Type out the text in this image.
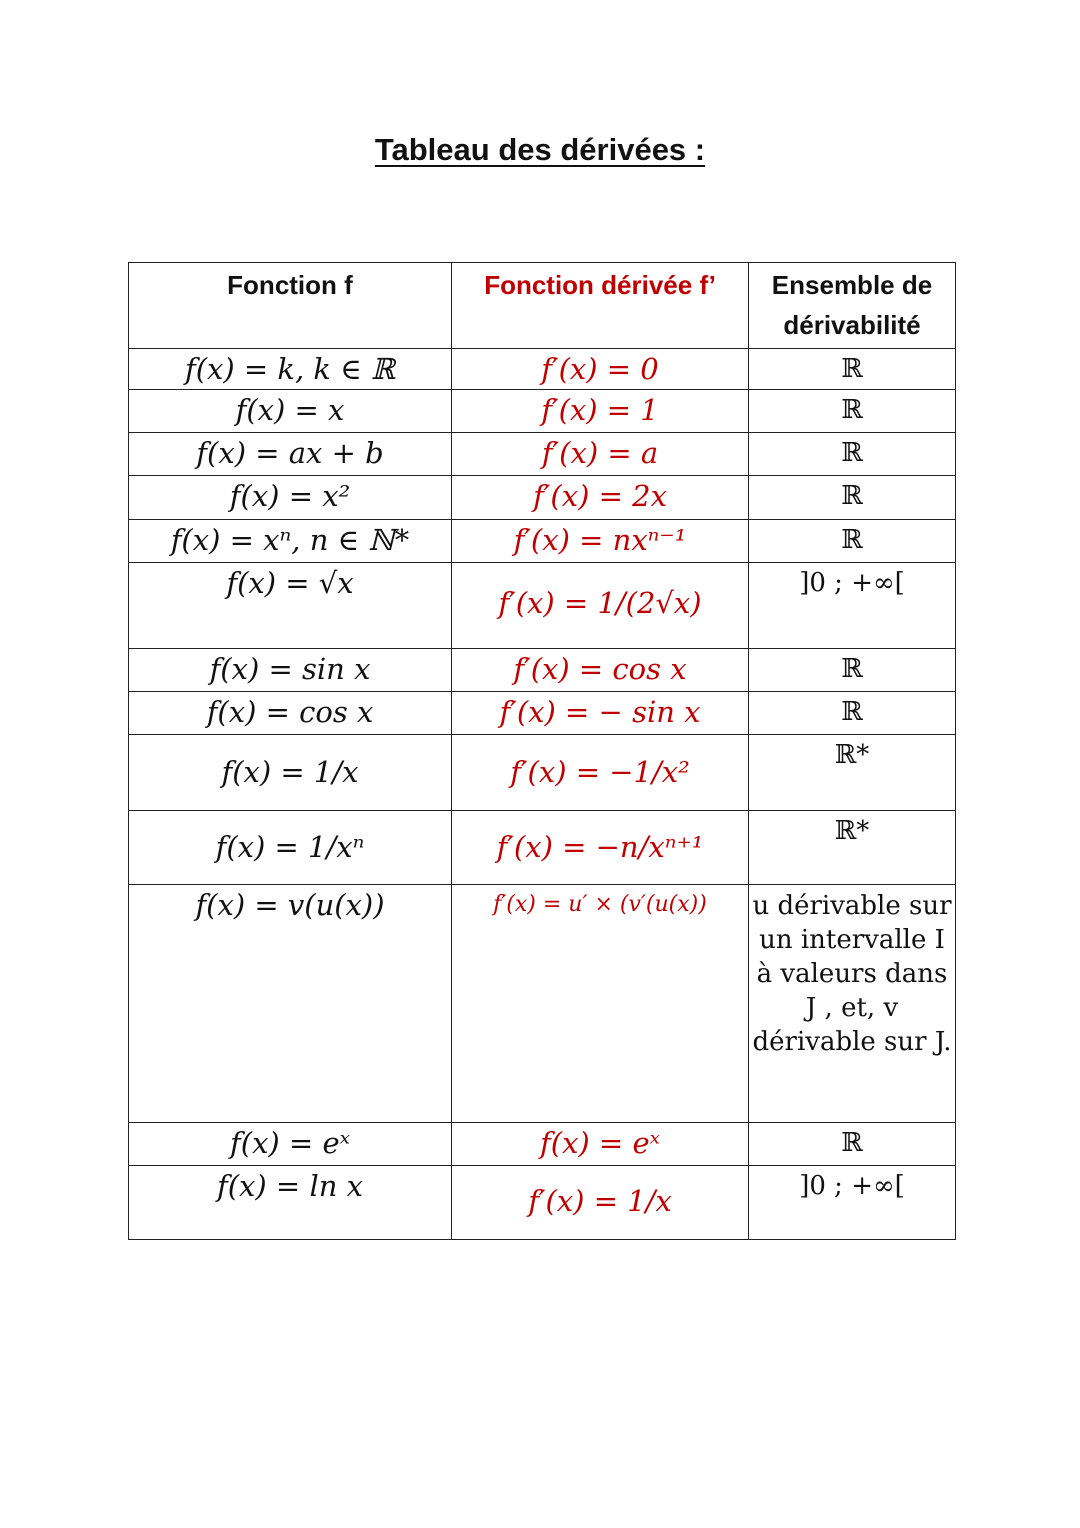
Tableau des dérivées :
Fonction f	Fonction dérivée f’	Ensemble de dérivabilité
f(x) = k, k ∈ ℝ	f′(x) = 0	ℝ
f(x) = x	f′(x) = 1	ℝ
f(x) = ax + b	f′(x) = a	ℝ
f(x) = x²	f′(x) = 2x	ℝ
f(x) = xⁿ, n ∈ ℕ*	f′(x) = nxⁿ⁻¹	ℝ
f(x) = √x	f′(x) = 1/(2√x)	]0 ; +∞[
f(x) = sin x	f′(x) = cos x	ℝ
f(x) = cos x	f′(x) = − sin x	ℝ
f(x) = 1/x	f′(x) = −1/x²	ℝ*
f(x) = 1/xⁿ	f′(x) = −n/xⁿ⁺¹	ℝ*
f(x) = v(u(x))	f′(x) = u′ × (v′(u(x))	u dérivable sur un intervalle I à valeurs dans J , et, v dérivable sur J.
f(x) = eˣ	f(x) = eˣ	ℝ
f(x) = ln x	f′(x) = 1/x	]0 ; +∞[
